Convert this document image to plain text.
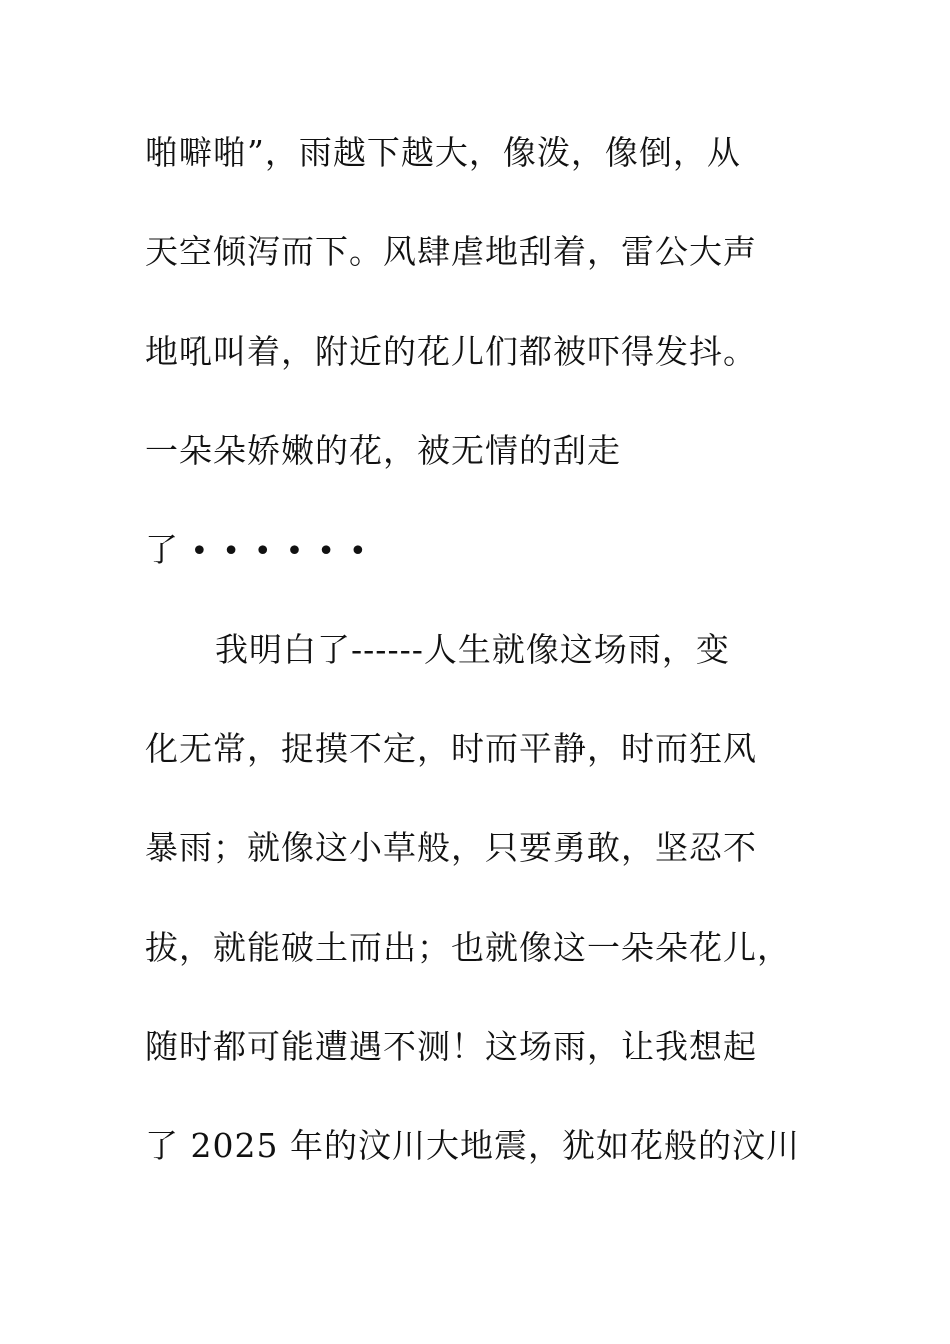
啪噼啪”，雨越下越大，像泼，像倒，从
天空倾泻而下。风肆虐地刮着，雷公大声
地吼叫着，附近的花儿们都被吓得发抖。
一朵朵娇嫩的花，被无情的刮走
了 ••••••
我明白了------人生就像这场雨，变
化无常，捉摸不定，时而平静，时而狂风
暴雨；就像这小草般，只要勇敢，坚忍不
拔，就能破土而出；也就像这一朵朵花儿，
随时都可能遭遇不测！这场雨，让我想起
了 2025 年的汶川大地震，犹如花般的汶川
